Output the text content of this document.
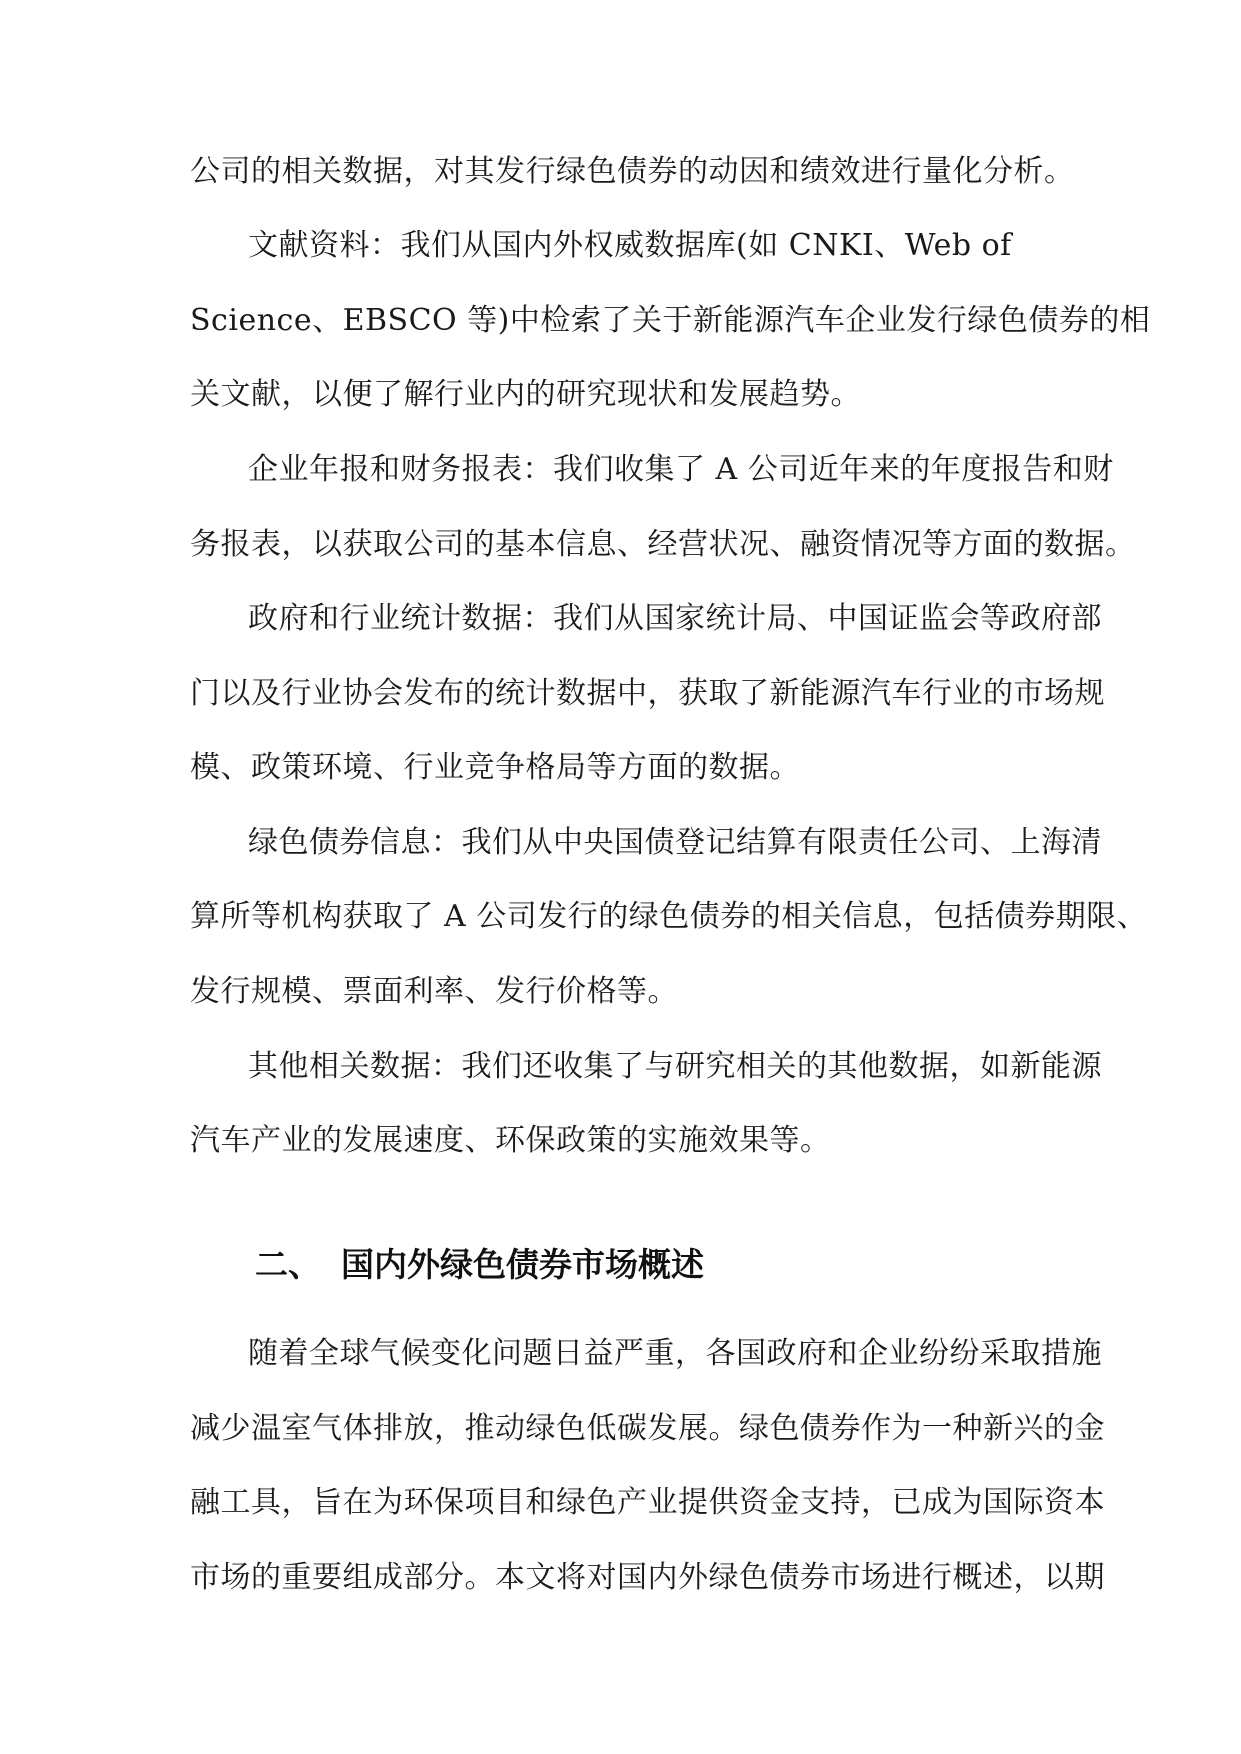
公司的相关数据，对其发行绿色债券的动因和绩效进行量化分析。
文献资料：我们从国内外权威数据库(如 CNKI、Web of
Science、EBSCO 等)中检索了关于新能源汽车企业发行绿色债券的相
关文献，以便了解行业内的研究现状和发展趋势。
企业年报和财务报表：我们收集了 A 公司近年来的年度报告和财
务报表，以获取公司的基本信息、经营状况、融资情况等方面的数据。
政府和行业统计数据：我们从国家统计局、中国证监会等政府部
门以及行业协会发布的统计数据中，获取了新能源汽车行业的市场规
模、政策环境、行业竞争格局等方面的数据。
绿色债券信息：我们从中央国债登记结算有限责任公司、上海清
算所等机构获取了 A 公司发行的绿色债券的相关信息，包括债券期限、
发行规模、票面利率、发行价格等。
其他相关数据：我们还收集了与研究相关的其他数据，如新能源
汽车产业的发展速度、环保政策的实施效果等。
二、 国内外绿色债券市场概述
随着全球气候变化问题日益严重，各国政府和企业纷纷采取措施
减少温室气体排放，推动绿色低碳发展。绿色债券作为一种新兴的金
融工具，旨在为环保项目和绿色产业提供资金支持，已成为国际资本
市场的重要组成部分。本文将对国内外绿色债券市场进行概述，以期
